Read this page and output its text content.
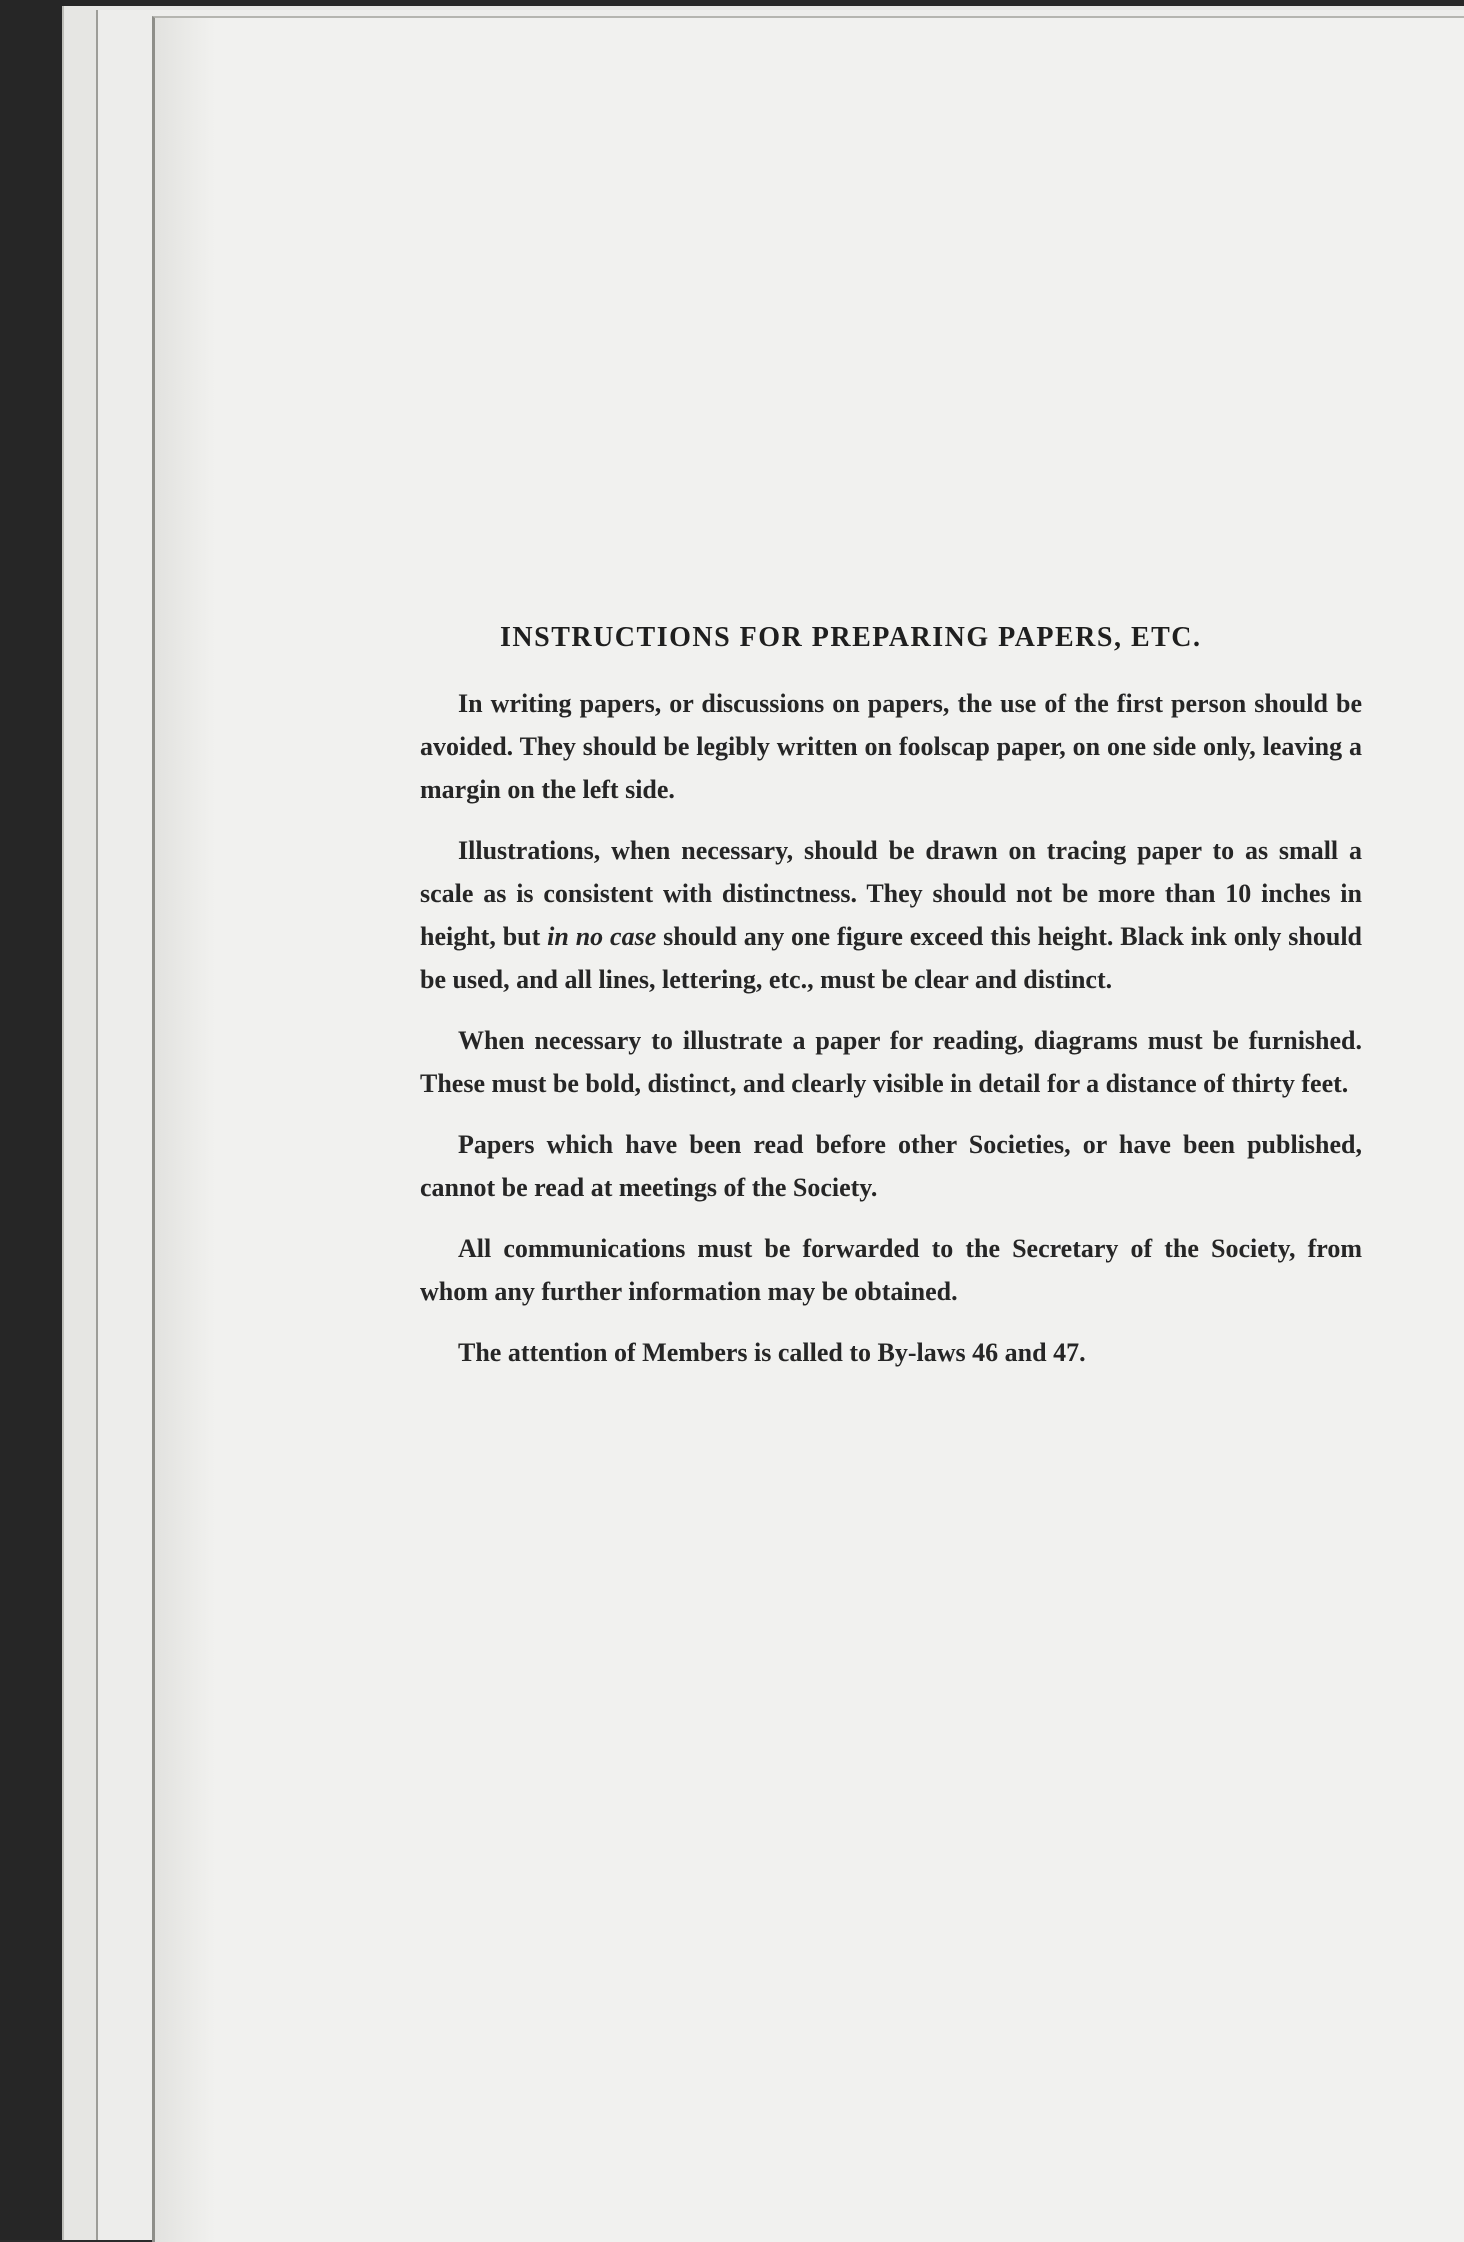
INSTRUCTIONS FOR PREPARING PAPERS, ETC.

In writing papers, or discussions on papers, the use of the first person should be avoided. They should be legibly written on foolscap paper, on one side only, leaving a margin on the left side.

Illustrations, when necessary, should be drawn on tracing paper to as small a scale as is consistent with distinctness. They should not be more than 10 inches in height, but in no case should any one figure exceed this height. Black ink only should be used, and all lines, lettering, etc., must be clear and distinct.

When necessary to illustrate a paper for reading, diagrams must be furnished. These must be bold, distinct, and clearly visible in detail for a distance of thirty feet.

Papers which have been read before other Societies, or have been published, cannot be read at meetings of the Society.

All communications must be forwarded to the Secretary of the Society, from whom any further information may be obtained.

The attention of Members is called to By-laws 46 and 47.
